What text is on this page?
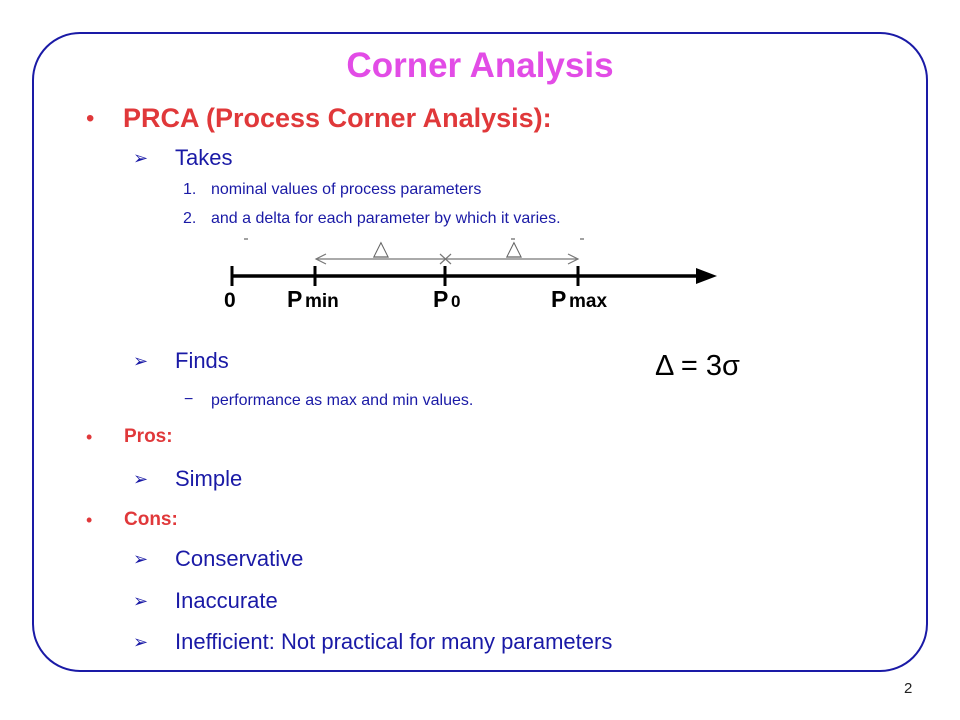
Corner Analysis
• PRCA (Process Corner Analysis):
➢ Takes
1. nominal values of process parameters
2. and a delta for each parameter by which it varies.
△	△
0 P min	P 0	P max
➢ Finds
− performance as max and min values.
Δ = 3σ
• Pros:
➢ Simple
• Cons:
➢ Conservative
➢ Inaccurate
➢ Inefficient: Not practical for many parameters
2
